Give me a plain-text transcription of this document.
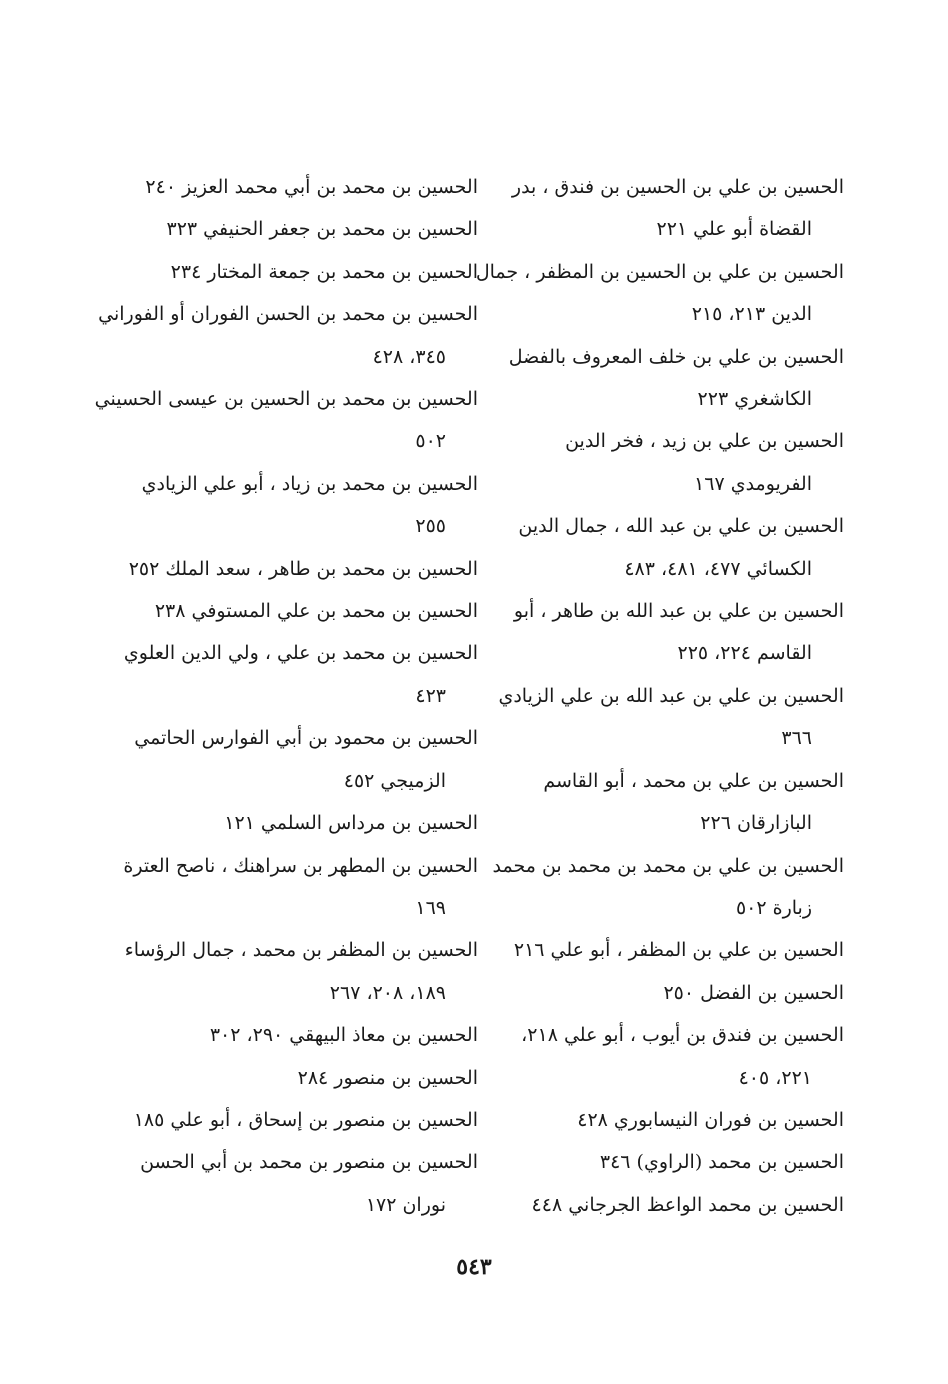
الحسين بن علي بن الحسين بن فندق ، بدر
القضاة أبو علي ٢٢١
الحسين بن علي بن الحسين بن المظفر ، جمال
الدين ٢١٣، ٢١٥
الحسين بن علي بن خلف المعروف بالفضل
الكاشغري ٢٢٣
الحسين بن علي بن زيد ، فخر الدين
الفريومدي ١٦٧
الحسين بن علي بن عبد الله ، جمال الدين
الكسائي ٤٧٧، ٤٨١، ٤٨٣
الحسين بن علي بن عبد الله بن طاهر ، أبو
القاسم ٢٢٤، ٢٢٥
الحسين بن علي بن عبد الله بن علي الزيادي
٣٦٦
الحسين بن علي بن محمد ، أبو القاسم
البازارقان ٢٢٦
الحسين بن علي بن محمد بن محمد بن محمد
زبارة ٥٠٢
الحسين بن علي بن المظفر ، أبو علي ٢١٦
الحسين بن الفضل ٢٥٠
الحسين بن فندق بن أيوب ، أبو علي ٢١٨،
٢٢١، ٤٠٥
الحسين بن فوران النيسابوري ٤٢٨
الحسين بن محمد (الراوي) ٣٤٦
الحسين بن محمد الواعظ الجرجاني ٤٤٨
الحسين بن محمد بن أبي محمد العزيز ٢٤٠
الحسين بن محمد بن جعفر الحنيفي ٣٢٣
الحسين بن محمد بن جمعة المختار ٢٣٤
الحسين بن محمد بن الحسن الفوران أو الفوراني
٣٤٥، ٤٢٨
الحسين بن محمد بن الحسين بن عيسى الحسيني
٥٠٢
الحسين بن محمد بن زياد ، أبو علي الزيادي
٢٥٥
الحسين بن محمد بن طاهر ، سعد الملك ٢٥٢
الحسين بن محمد بن علي المستوفي ٢٣٨
الحسين بن محمد بن علي ، ولي الدين العلوي
٤٢٣
الحسين بن محمود بن أبي الفوارس الحاتمي
الزميجي ٤٥٢
الحسين بن مرداس السلمي ١٢١
الحسين بن المطهر بن سراهنك ، ناصح العترة
١٦٩
الحسين بن المظفر بن محمد ، جمال الرؤساء
١٨٩، ٢٠٨، ٢٦٧
الحسين بن معاذ البيهقي ٢٩٠، ٣٠٢
الحسين بن منصور ٢٨٤
الحسين بن منصور بن إسحاق ، أبو علي ١٨٥
الحسين بن منصور بن محمد بن أبي الحسن
نوران ١٧٢
٥٤٣
